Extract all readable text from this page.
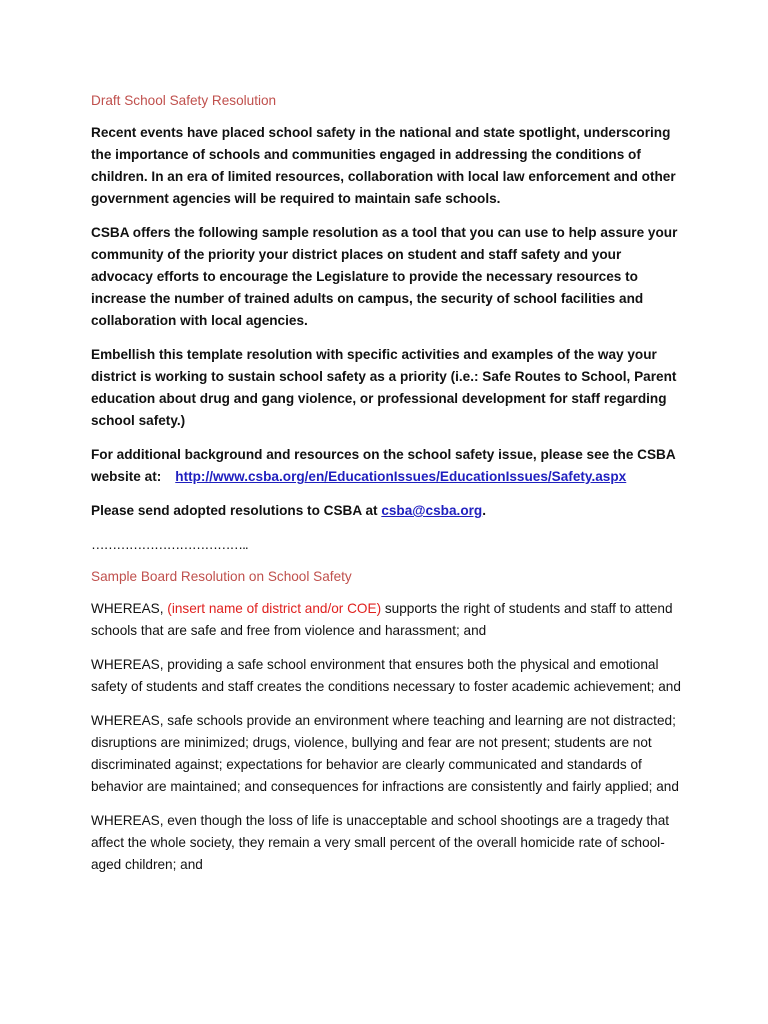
Draft School Safety Resolution

Recent events have placed school safety in the national and state spotlight, underscoring the importance of schools and communities engaged in addressing the conditions of children. In an era of limited resources, collaboration with local law enforcement and other government agencies will be required to maintain safe schools.

CSBA offers the following sample resolution as a tool that you can use to help assure your community of the priority your district places on student and staff safety and your advocacy efforts to encourage the Legislature to provide the necessary resources to increase the number of trained adults on campus, the security of school facilities and collaboration with local agencies.

Embellish this template resolution with specific activities and examples of the way your district is working to sustain school safety as a priority (i.e.: Safe Routes to School, Parent education about drug and gang violence, or professional development for staff regarding school safety.)

For additional background and resources on the school safety issue, please see the CSBA website at: http://www.csba.org/en/EducationIssues/EducationIssues/Safety.aspx

Please send adopted resolutions to CSBA at csba@csba.org.

………………………………..
Sample Board Resolution on School Safety

WHEREAS, (insert name of district and/or COE) supports the right of students and staff to attend schools that are safe and free from violence and harassment; and

WHEREAS, providing a safe school environment that ensures both the physical and emotional safety of students and staff creates the conditions necessary to foster academic achievement; and

WHEREAS, safe schools provide an environment where teaching and learning are not distracted; disruptions are minimized; drugs, violence, bullying and fear are not present; students are not discriminated against; expectations for behavior are clearly communicated and standards of behavior are maintained; and consequences for infractions are consistently and fairly applied; and

WHEREAS, even though the loss of life is unacceptable and school shootings are a tragedy that affect the whole society, they remain a very small percent of the overall homicide rate of school-aged children; and
